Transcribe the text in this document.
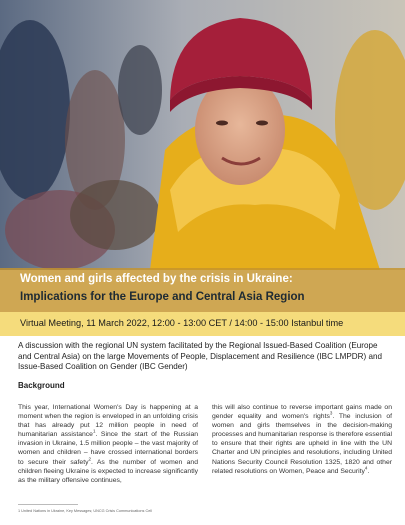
Women and girls affected by the crisis in Ukraine:
Implications for the Europe and Central Asia Region
Virtual Meeting, 11 March 2022, 12:00 - 13:00 CET / 14:00 - 15:00 Istanbul time
A discussion with the regional UN system facilitated by the Regional Issued-Based Coalition (Europe and Central Asia) on the large Movements of People, Displacement and Resilience (IBC LMPDR) and Issue-Based Coalition on Gender (IBC Gender)
Background
This year, International Women's Day is happening at a moment when the region is enveloped in an unfolding crisis that has already put 12 million people in need of humanitarian assistance$^1$. Since the start of the Russian invasion in Ukraine, 1.5 million people – the vast majority of women and children – have crossed international borders to secure their safety$^2$. As the number of women and children fleeing Ukraine is expected to increase significantly as the military offensive continues,
this will also continue to reverse important gains made on gender equality and women's rights$^3$. The inclusion of women and girls themselves in the decision-making processes and humanitarian response is therefore essential to ensure that their rights are upheld in line with the UN Charter and UN principles and resolutions, including United Nations Security Council Resolution 1325, 1820 and other related resolutions on Women, Peace and Security$^4$.
1 United Nations in Ukraine, Key Messages; UNCG Crisis Communications Cell
